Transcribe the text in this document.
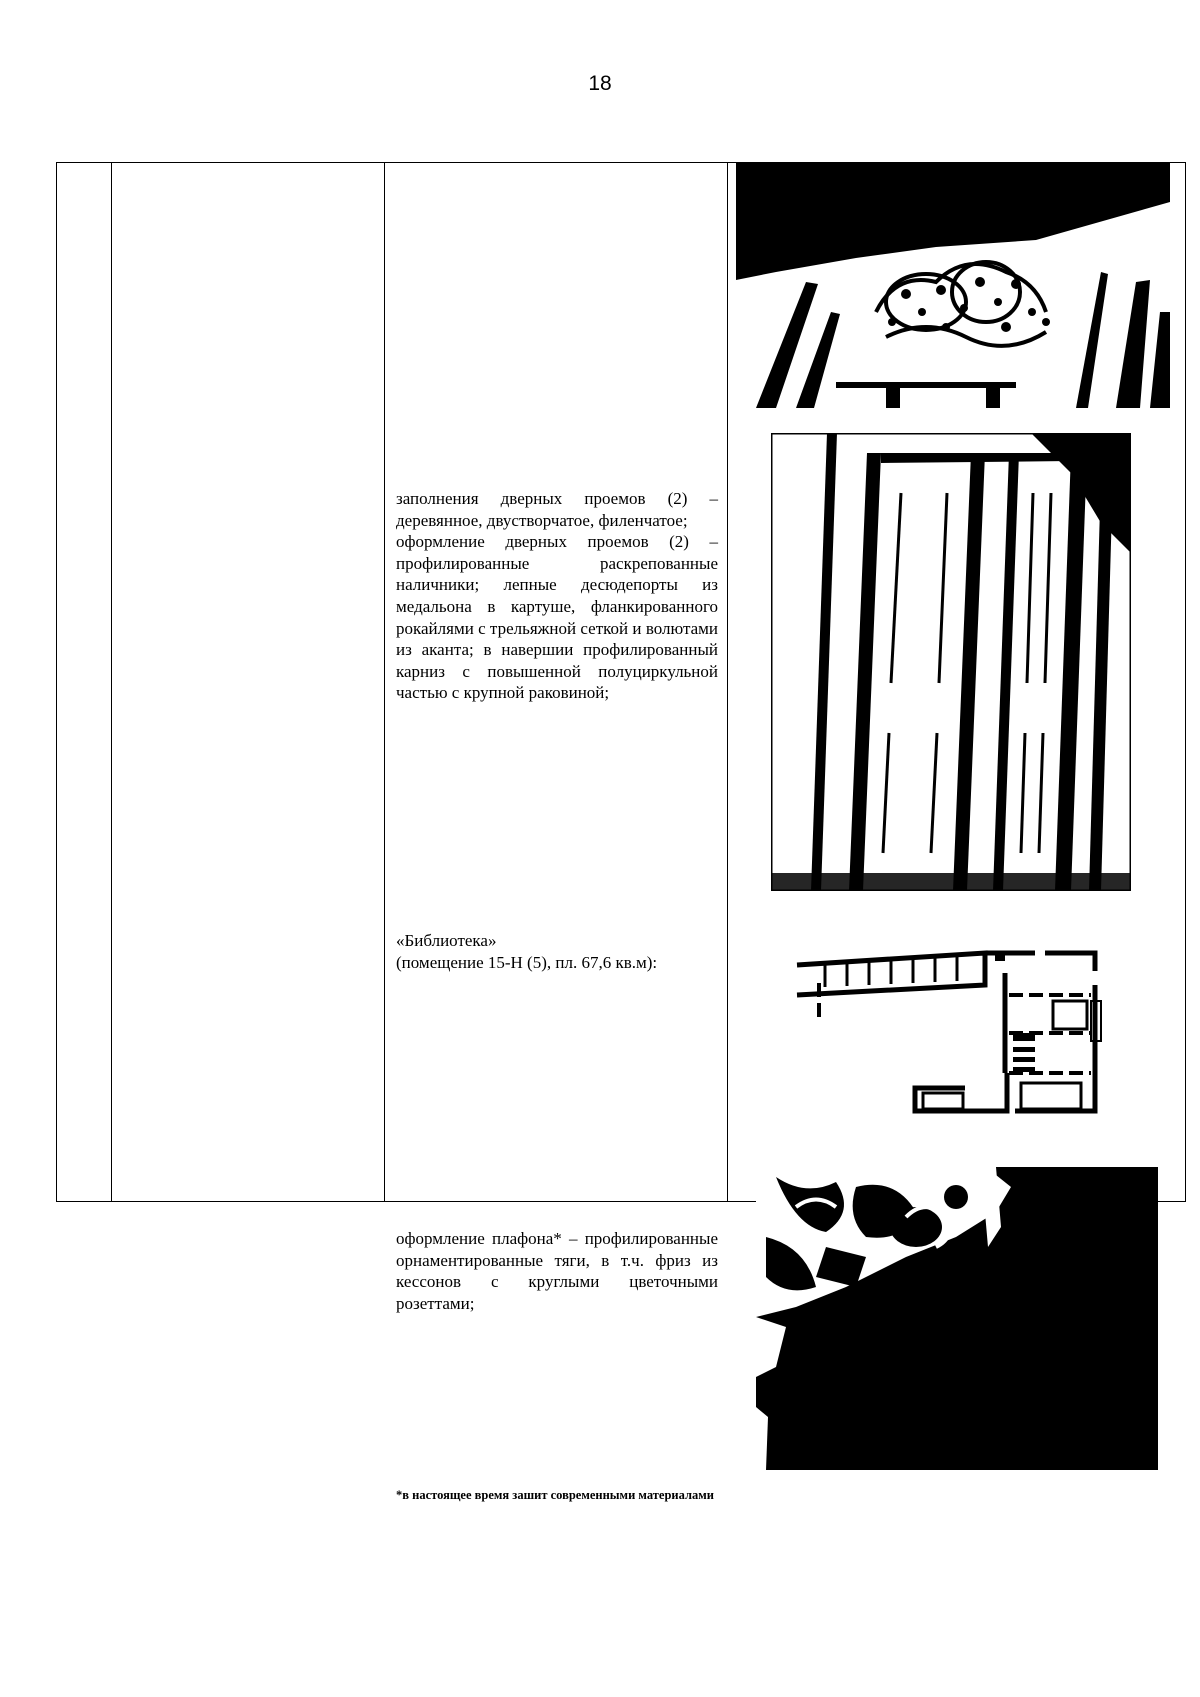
18

заполнения дверных проемов (2) – деревянное, двустворчатое, филенчатое;

оформление дверных проемов (2) – профилированные раскрепованные наличники; лепные десюдепорты из медальона в картуше, фланкированного рокайлями с трельяжной сеткой и волютами из аканта; в навершии профилированный карниз с повышенной полуциркульной частью с крупной раковиной;

«Библиотека»

(помещение 15-Н (5), пл. 67,6 кв.м):

оформление плафона* – профилированные орнаментированные тяги, в т.ч. фриз из кессонов с круглыми цветочными розеттами;

*в настоящее время зашит современными материалами
